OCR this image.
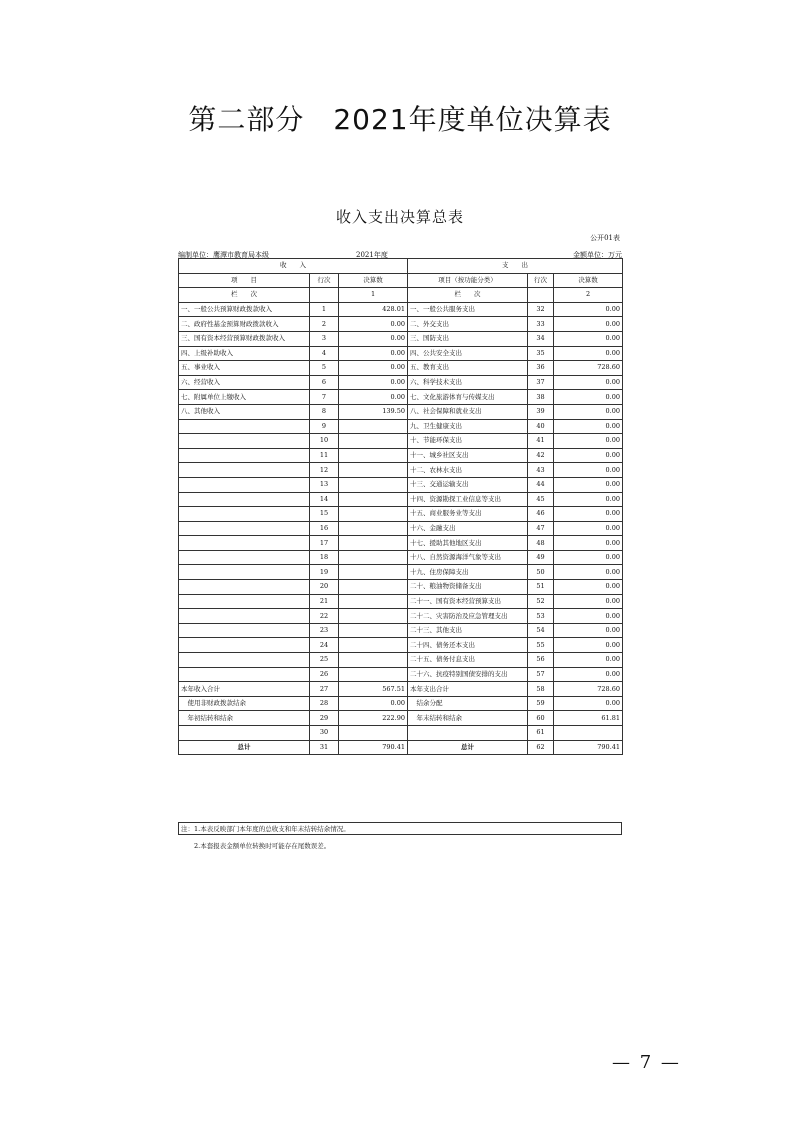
第二部分　2021年度单位决算表
收入支出决算总表
公开01表
编制单位：鹰潭市教育局本级	2021年度	金额单位：万元
收　　入			支　　出		
项　　目	行次	决算数	项目（按功能分类）	行次	决算数
栏　　次		1	栏　　次		2
一、一般公共预算财政拨款收入	1	428.01	一、一般公共服务支出	32	0.00
二、政府性基金预算财政拨款收入	2	0.00	二、外交支出	33	0.00
三、国有资本经营预算财政拨款收入	3	0.00	三、国防支出	34	0.00
四、上级补助收入	4	0.00	四、公共安全支出	35	0.00
五、事业收入	5	0.00	五、教育支出	36	728.60
六、经营收入	6	0.00	六、科学技术支出	37	0.00
七、附属单位上缴收入	7	0.00	七、文化旅游体育与传媒支出	38	0.00
八、其他收入	8	139.50	八、社会保障和就业支出	39	0.00
	9		九、卫生健康支出	40	0.00
	10		十、节能环保支出	41	0.00
	11		十一、城乡社区支出	42	0.00
	12		十二、农林水支出	43	0.00
	13		十三、交通运输支出	44	0.00
	14		十四、资源勘探工业信息等支出	45	0.00
	15		十五、商业服务业等支出	46	0.00
	16		十六、金融支出	47	0.00
	17		十七、援助其他地区支出	48	0.00
	18		十八、自然资源海洋气象等支出	49	0.00
	19		十九、住房保障支出	50	0.00
	20		二十、粮油物资储备支出	51	0.00
	21		二十一、国有资本经营预算支出	52	0.00
	22		二十二、灾害防治及应急管理支出	53	0.00
	23		二十三、其他支出	54	0.00
	24		二十四、债务还本支出	55	0.00
	25		二十五、债务付息支出	56	0.00
	26		二十六、抗疫特别国债安排的支出	57	0.00
本年收入合计	27	567.51	本年支出合计	58	728.60
　使用非财政拨款结余	28	0.00	　结余分配	59	0.00
　年初结转和结余	29	222.90	　年末结转和结余	60	61.81
	30			61	
总计	31	790.41	总计	62	790.41
注：1.本表反映部门本年度的总收支和年末结转结余情况。
2.本套报表金额单位转换时可能存在尾数误差。
— 7 —
